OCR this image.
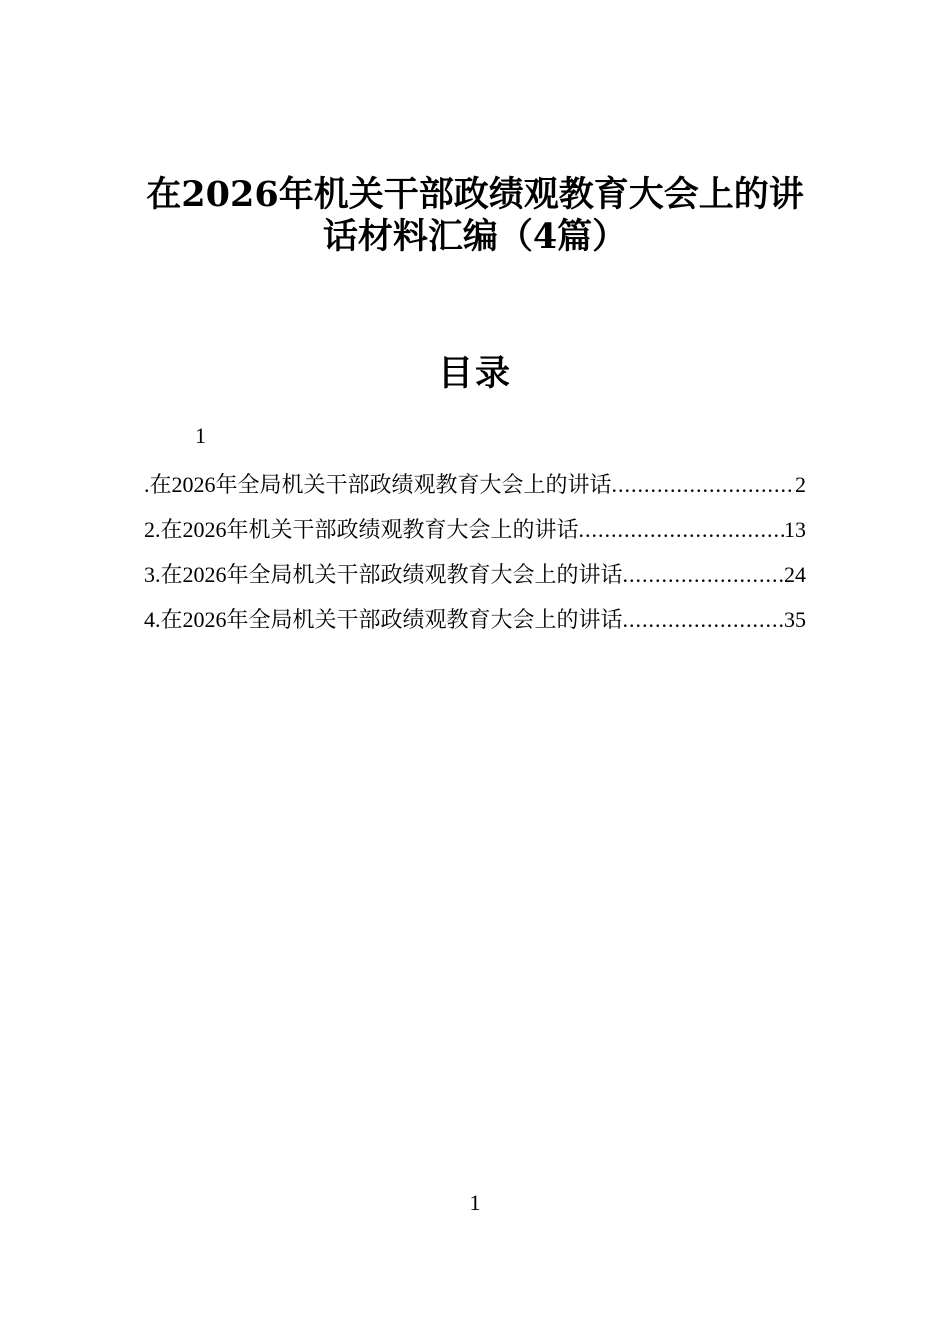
在2026年机关干部政绩观教育大会上的讲
话材料汇编（4篇）
目录
1
.在2026年全局机关干部政绩观教育大会上的讲话 .....	2
2.在2026年机关干部政绩观教育大会上的讲话 .....	13
3.在2026年全局机关干部政绩观教育大会上的讲话 .....	24
4.在2026年全局机关干部政绩观教育大会上的讲话 .....	35
1
